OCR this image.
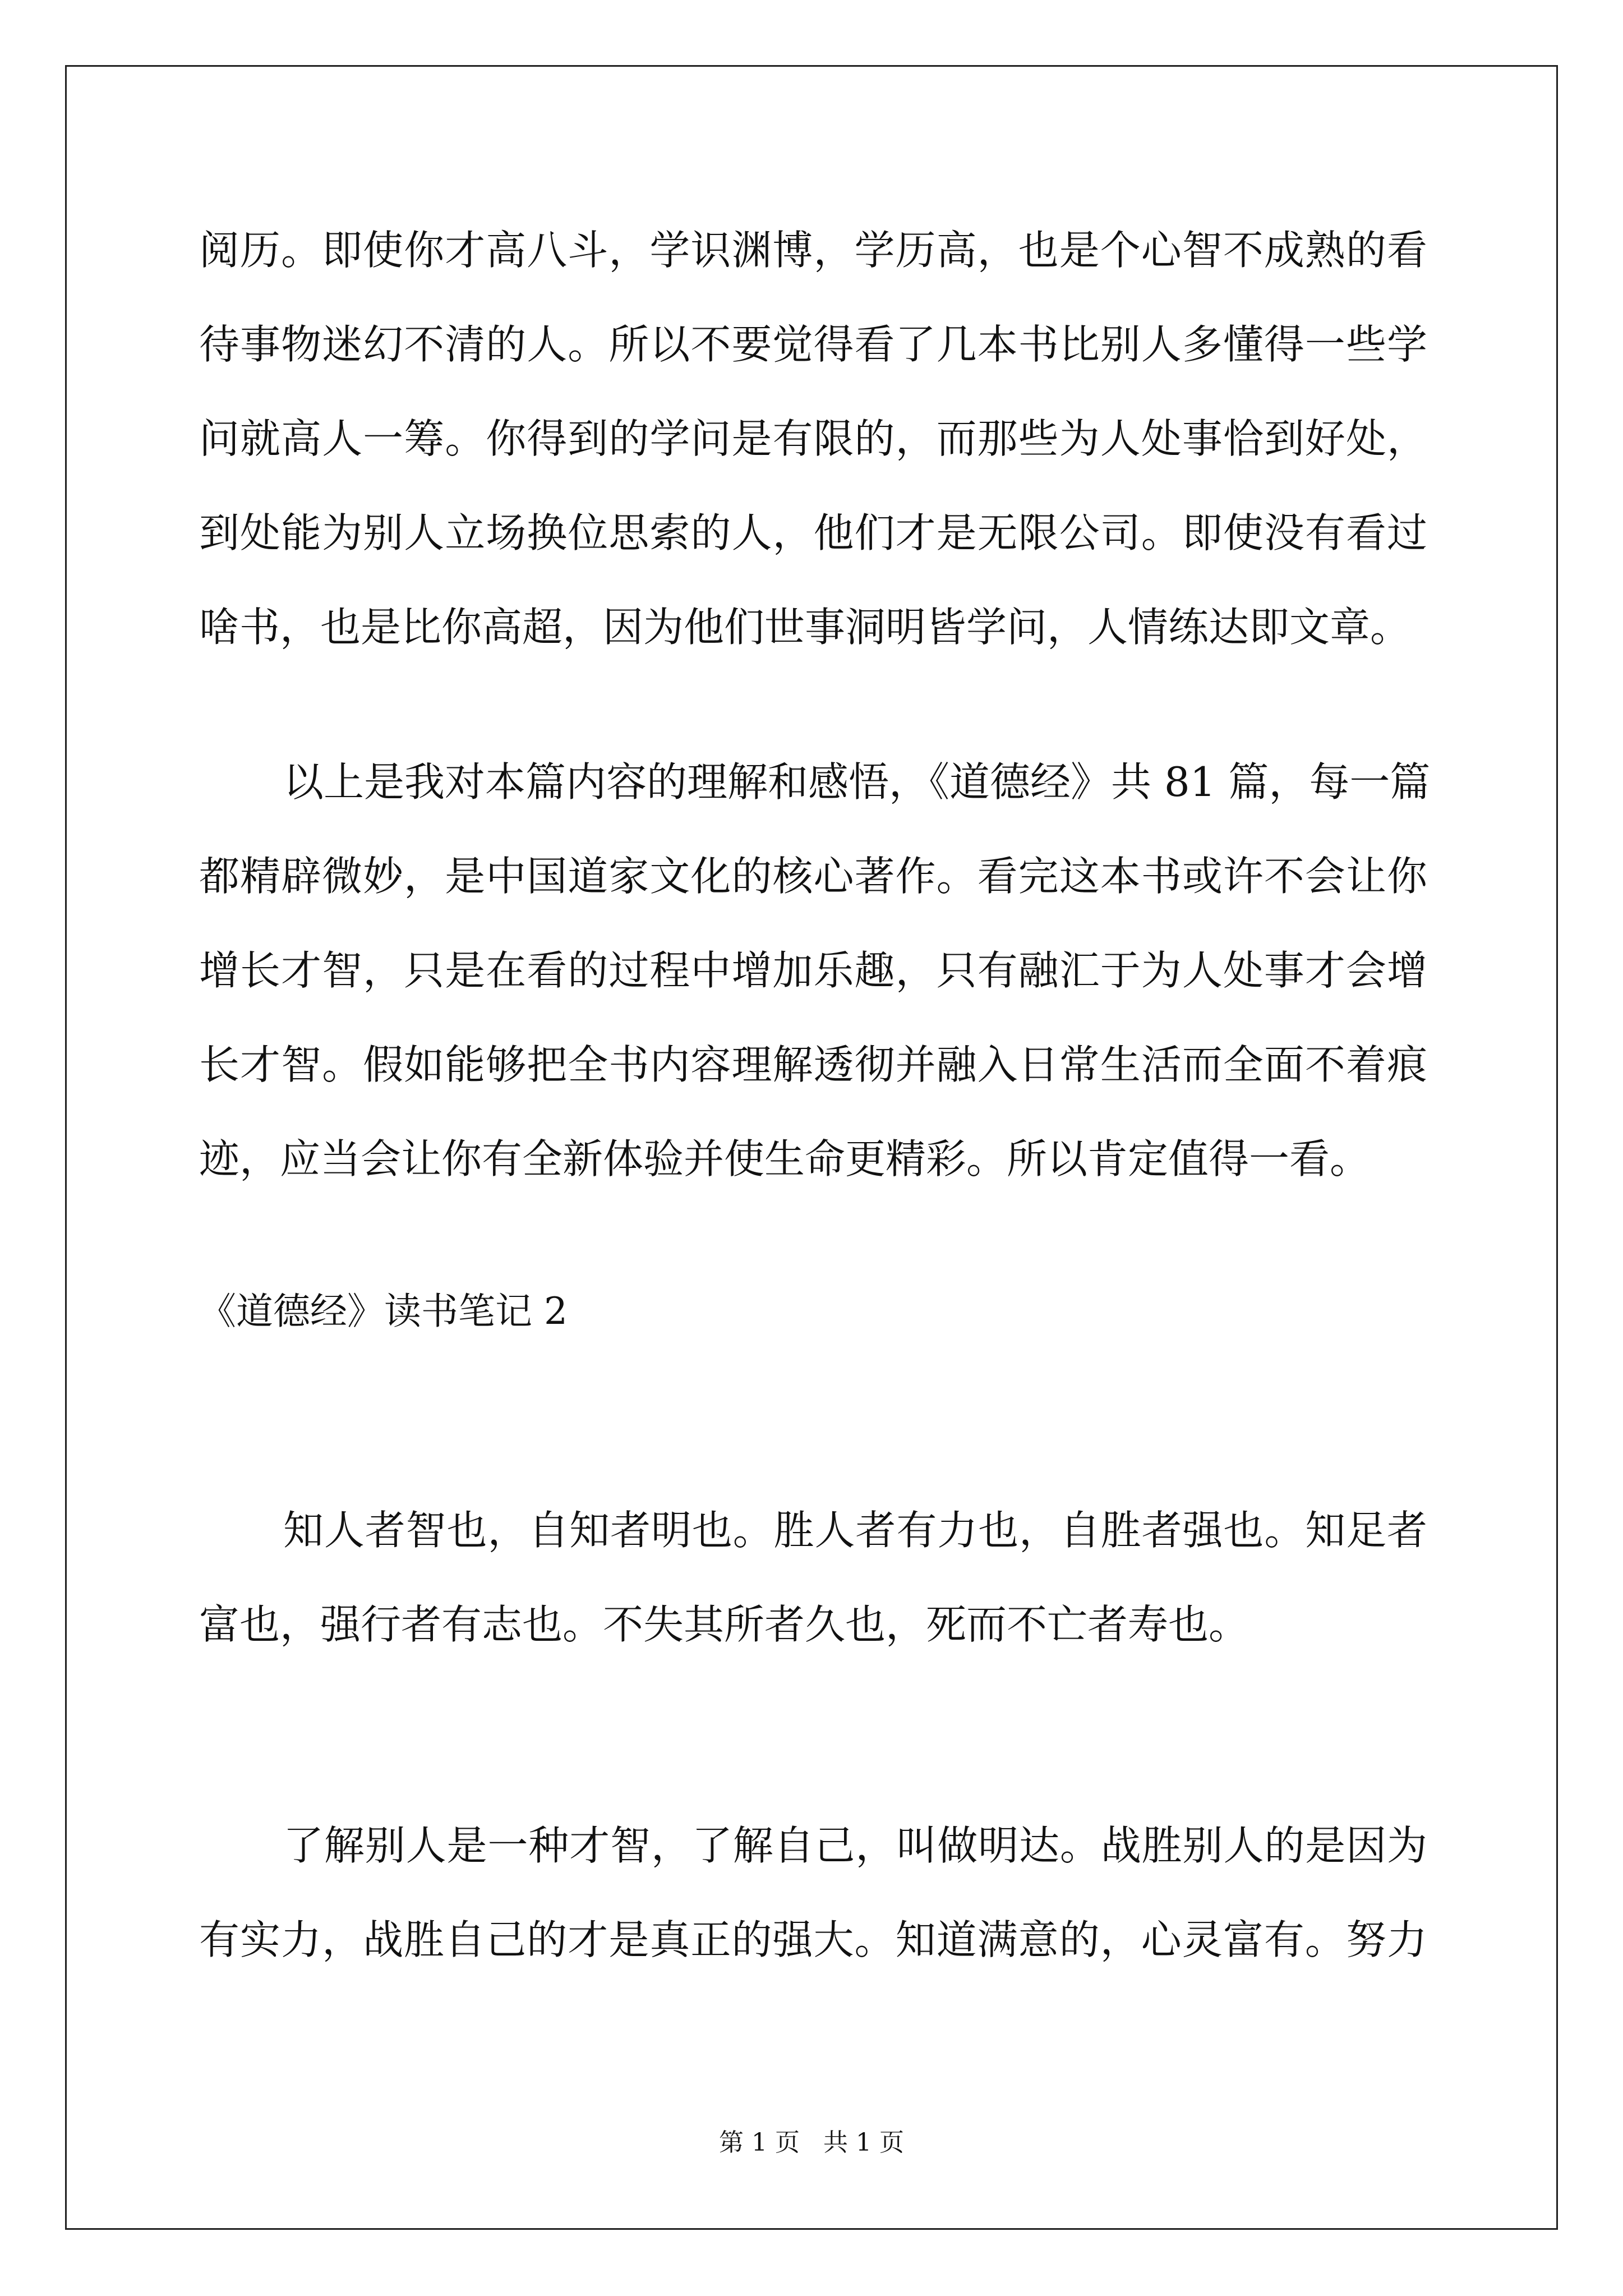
阅历。即使你才高八斗，学识渊博，学历高，也是个心智不成熟的看
待事物迷幻不清的人。所以不要觉得看了几本书比别人多懂得一些学
问就高人一筹。你得到的学问是有限的，而那些为人处事恰到好处，
到处能为别人立场换位思索的人，他们才是无限公司。即使没有看过
啥书，也是比你高超，因为他们世事洞明皆学问，人情练达即文章。
以上是我对本篇内容的理解和感悟，《道德经》共 81 篇，每一篇
都精辟微妙，是中国道家文化的核心著作。看完这本书或许不会让你
增长才智，只是在看的过程中增加乐趣，只有融汇于为人处事才会增
长才智。假如能够把全书内容理解透彻并融入日常生活而全面不着痕
迹，应当会让你有全新体验并使生命更精彩。所以肯定值得一看。
《道德经》读书笔记 2
知人者智也，自知者明也。胜人者有力也，自胜者强也。知足者
富也，强行者有志也。不失其所者久也，死而不亡者寿也。
了解别人是一种才智，了解自己，叫做明达。战胜别人的是因为
有实力，战胜自己的才是真正的强大。知道满意的，心灵富有。努力
第 1 页 共 1 页
